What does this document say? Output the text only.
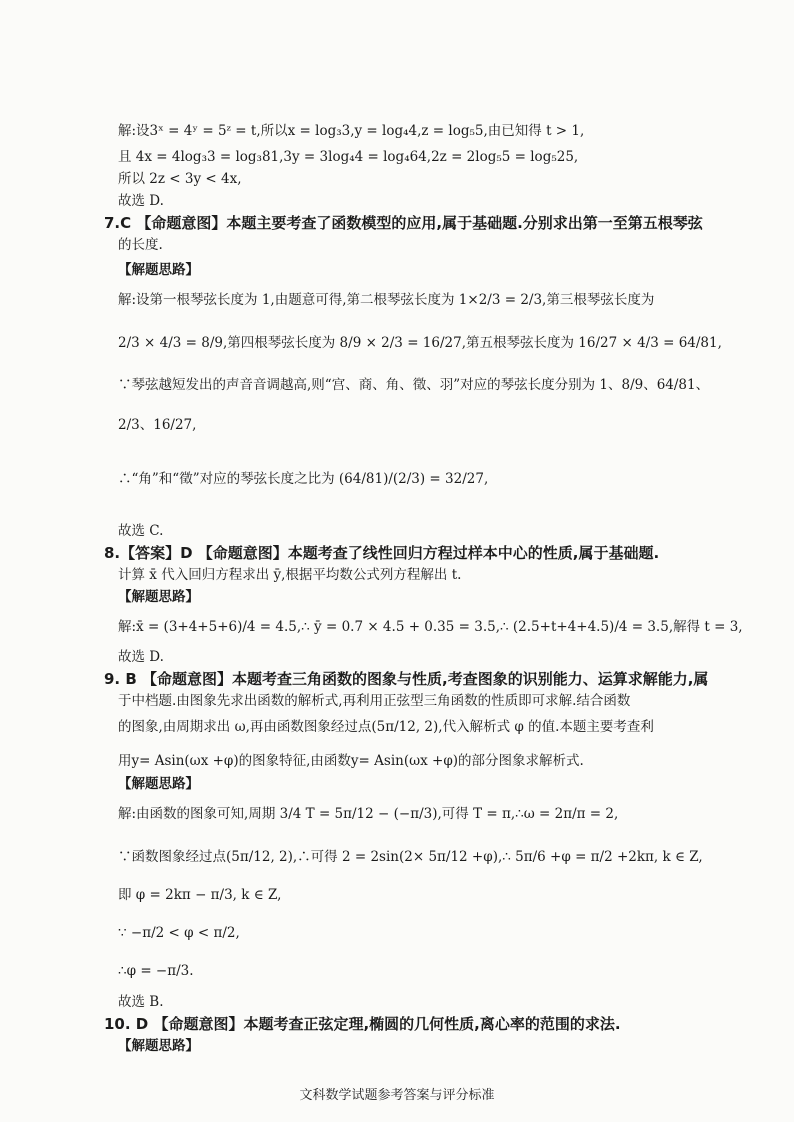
解:设3ˣ = 4ʸ = 5ᶻ = t,所以x = log₃3,y = log₄4,z = log₅5,由已知得 t > 1,
且 4x = 4log₃3 = log₃81,3y = 3log₄4 = log₄64,2z = 2log₅5 = log₅25,
所以 2z < 3y < 4x,
故选 D.
7.C 【命题意图】本题主要考查了函数模型的应用,属于基础题.分别求出第一至第五根琴弦
的长度.
【解题思路】
解:设第一根琴弦长度为 1,由题意可得,第二根琴弦长度为 1×2/3 = 2/3,第三根琴弦长度为
2/3 × 4/3 = 8/9,第四根琴弦长度为 8/9 × 2/3 = 16/27,第五根琴弦长度为 16/27 × 4/3 = 64/81,
∵琴弦越短发出的声音音调越高,则“宫、商、角、徵、羽”对应的琴弦长度分别为 1、8/9、64/81、
2/3、16/27,
∴“角”和“徵”对应的琴弦长度之比为 (64/81)/(2/3) = 32/27,
故选 C.
8.【答案】D 【命题意图】本题考查了线性回归方程过样本中心的性质,属于基础题.
计算 x̄ 代入回归方程求出 ȳ,根据平均数公式列方程解出 t.
【解题思路】
解:x̄ = (3+4+5+6)/4 = 4.5,∴ ȳ = 0.7 × 4.5 + 0.35 = 3.5,∴ (2.5+t+4+4.5)/4 = 3.5,解得 t = 3,
故选 D.
9. B 【命题意图】本题考查三角函数的图象与性质,考查图象的识别能力、运算求解能力,属
于中档题.由图象先求出函数的解析式,再利用正弦型三角函数的性质即可求解.结合函数
的图象,由周期求出 ω,再由函数图象经过点(5π/12, 2),代入解析式 φ 的值.本题主要考查利
用y= Asin(ωx +φ)的图象特征,由函数y= Asin(ωx +φ)的部分图象求解析式.
【解题思路】
解:由函数的图象可知,周期 3/4 T = 5π/12 − (−π/3),可得 T = π,∴ω = 2π/π = 2,
∵函数图象经过点(5π/12, 2),∴可得 2 = 2sin(2× 5π/12 +φ),∴ 5π/6 +φ = π/2 +2kπ, k ∈ Z,
即 φ = 2kπ − π/3, k ∈ Z,
∵ −π/2 < φ < π/2,
∴φ = −π/3.
故选 B.
10. D 【命题意图】本题考查正弦定理,椭圆的几何性质,离心率的范围的求法.
【解题思路】
文科数学试题参考答案与评分标准
